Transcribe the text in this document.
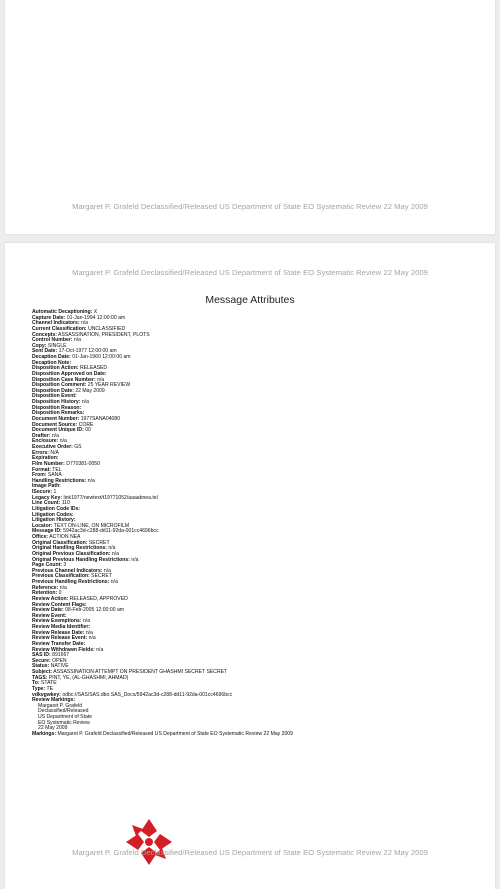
Margaret P. Grafeld Declassified/Released US Department of State EO Systematic Review 22 May 2009
Margaret P. Grafeld Declassified/Released US Department of State EO Systematic Review 22 May 2009
Message Attributes
Automatic Decaptioning: X
Capture Date: 01-Jan-1994 12:00:00 am
Channel Indicators: n/a
Current Classification: UNCLASSIFIED
Concepts: ASSASSINATION, PRESIDENT, PLOTS
Control Number: n/a
Copy: SINGLE
Sent Date: 17-Oct-1977 12:00:00 am
Decaption Date: 01-Jan-1960 12:00:00 am
Decaption Note:
Disposition Action: RELEASED
Disposition Approved on Date:
Disposition Case Number: n/a
Disposition Comment: 25 YEAR REVIEW
Disposition Date: 22 May 2009
Disposition Event:
Disposition History: n/a
Disposition Reason:
Disposition Remarks:
Document Number: 1977SANA04080
Document Source: CORE
Document Unique ID: 00
Drafter: n/a
Enclosure: n/a
Executive Order: GS
Errors: N/A
Expiration:
Film Number: D770381-0050
Format: TEL
From: SANA
Handling Restrictions: n/a
Image Path:
ISecure: 1
Legacy Key: link1977/newtext/t19771052/aaaabnea.tel
Line Count: 110
Litigation Code IDs:
Litigation Codes:
Litigation History:
Locator: TEXT ON-LINE, ON MICROFILM
Message ID: 5942ac3d-c288-dd11-92da-001cc4696bcc
Office: ACTION NEA
Original Classification: SECRET
Original Handling Restrictions: n/a
Original Previous Classification: n/a
Original Previous Handling Restrictions: n/a
Page Count: 3
Previous Channel Indicators: n/a
Previous Classification: SECRET
Previous Handling Restrictions: n/a
Reference: n/a
Retention: 0
Review Action: RELEASED, APPROVED
Review Content Flags:
Review Date: 08-Feb-2005 12:00:00 am
Review Event:
Review Exemptions: n/a
Review Media Identifier:
Review Release Date: n/a
Review Release Event: n/a
Review Transfer Date:
Review Withdrawn Fields: n/a
SAS ID: 891667
Secure: OPEN
Status: NATIVE
Subject: ASSASSINATION ATTEMPT ON PRESIDENT GHASHMI SECRET SECRET
TAGS: PINT, YE, (AL-GHASHMI, AHMAD)
To: STATE
Type: TE
vdkvgwkey: odbc://SAS/SAS.dbo.SAS_Docs/5942ac3d-c288-dd11-92da-001cc4696bcc
Review Markings:
Margaret P. Grafeld
Declassified/Released
US Department of State
EO Systematic Review
22 May 2009
Markings: Margaret P. Grafeld Declassified/Released US Department of State EO Systematic Review 22 May 2009
Margaret P. Grafeld Declassified/Released US Department of State EO Systematic Review 22 May 2009
